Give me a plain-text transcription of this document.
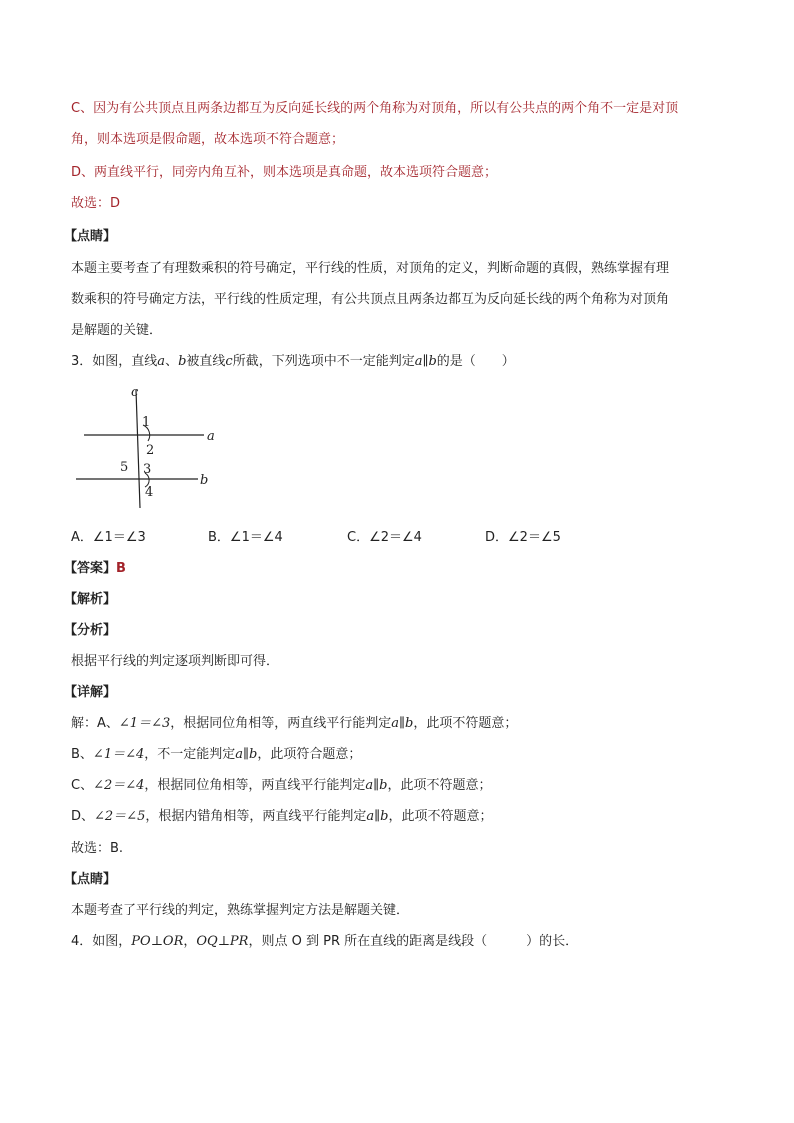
C、因为有公共顶点且两条边都互为反向延长线的两个角称为对顶角，所以有公共点的两个角不一定是对顶
角，则本选项是假命题，故本选项不符合题意；
D、两直线平行，同旁内角互补，则本选项是真命题，故本选项符合题意；
故选：D
【点睛】
本题主要考查了有理数乘积的符号确定，平行线的性质，对顶角的定义，判断命题的真假，熟练掌握有理
数乘积的符号确定方法，平行线的性质定理，有公共顶点且两条边都互为反向延长线的两个角称为对顶角
是解题的关键．
3．如图，直线a、b被直线c所截，下列选项中不一定能判定a∥b的是（　　）
c
a
b
1
2
5 3
4
A．∠1＝∠3	B．∠1＝∠4	C．∠2＝∠4	D．∠2＝∠5
【答案】B
【解析】
【分析】
根据平行线的判定逐项判断即可得．
【详解】
解：A、∠1＝∠3，根据同位角相等，两直线平行能判定a∥b，此项不符题意；
B、∠1＝∠4，不一定能判定a∥b，此项符合题意；
C、∠2＝∠4，根据同位角相等，两直线平行能判定a∥b，此项不符题意；
D、∠2＝∠5，根据内错角相等，两直线平行能判定a∥b，此项不符题意；
故选：B.
【点睛】
本题考查了平行线的判定，熟练掌握判定方法是解题关键．
4．如图，PO⊥OR，OQ⊥PR，则点 O 到 PR 所在直线的距离是线段（　　　）的长．
